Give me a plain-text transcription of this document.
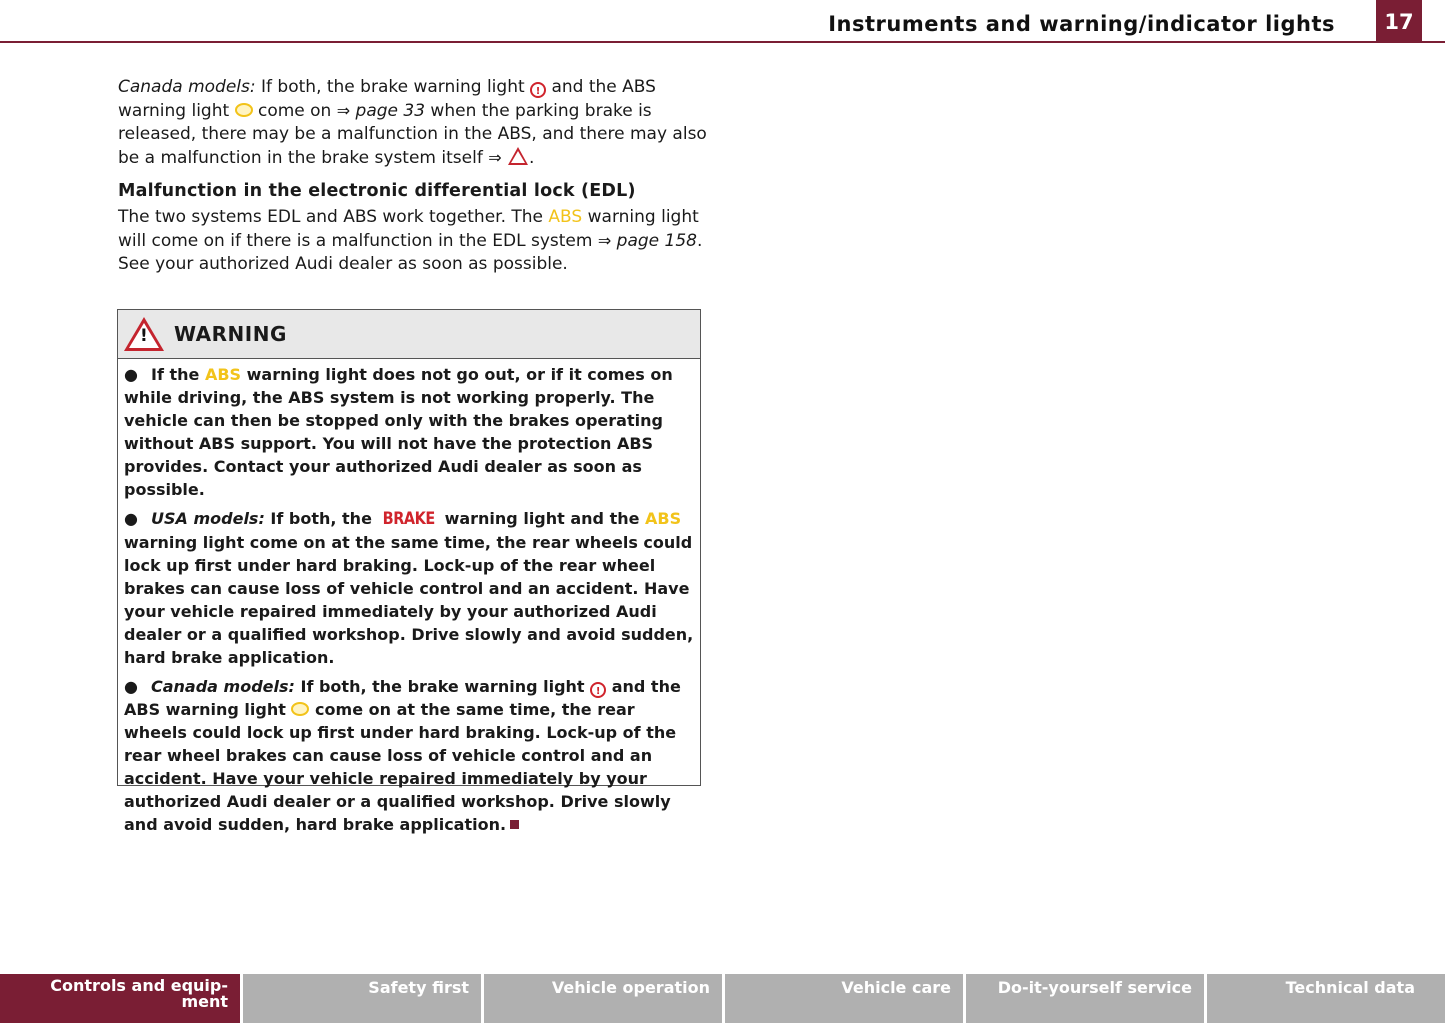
Instruments and warning/indicator lights	17

Canada models: If both, the brake warning light ! and the ABS warning light  come on ⇒ page 33 when the parking brake is released, there may be a malfunction in the ABS, and there may also be a malfunction in the brake system itself ⇒ .

Malfunction in the electronic differential lock (EDL)

The two systems EDL and ABS work together. The ABS warning light will come on if there is a malfunction in the EDL system ⇒ page 158. See your authorized Audi dealer as soon as possible.

! WARNING

● If the ABS warning light does not go out, or if it comes on while driving, the ABS system is not working properly. The vehicle can then be stopped only with the brakes operating without ABS support. You will not have the protection ABS provides. Contact your authorized Audi dealer as soon as possible.

● USA models: If both, the BRAKE warning light and the ABS warning light come on at the same time, the rear wheels could lock up first under hard braking. Lock-up of the rear wheel brakes can cause loss of vehicle control and an accident. Have your vehicle repaired immediately by your authorized Audi dealer or a qualified workshop. Drive slowly and avoid sudden, hard brake application.

● Canada models: If both, the brake warning light ! and the ABS warning light  come on at the same time, the rear wheels could lock up first under hard braking. Lock-up of the rear wheel brakes can cause loss of vehicle control and an accident. Have your vehicle repaired immediately by your authorized Audi dealer or a qualified workshop. Drive slowly and avoid sudden, hard brake application.

Controls and equip-
ment
Safety first	Vehicle operation	Vehicle care	Do-it-yourself service	Technical data
